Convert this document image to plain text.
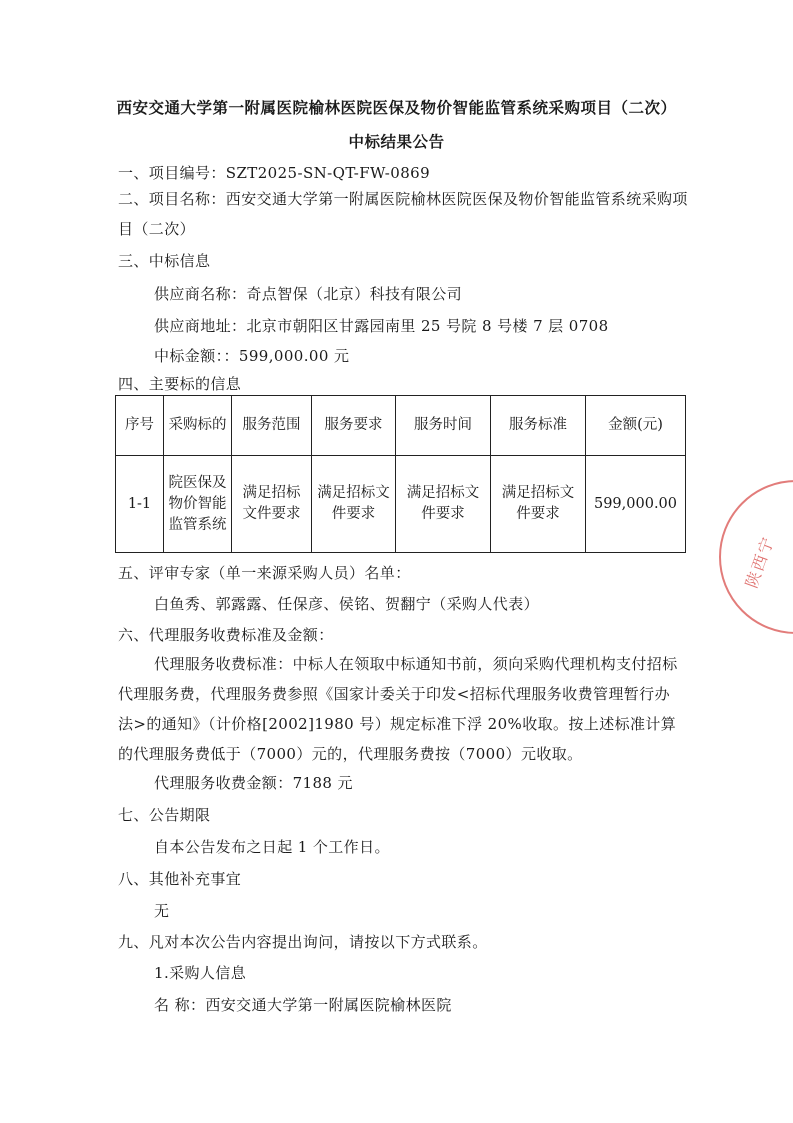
西安交通大学第一附属医院榆林医院医保及物价智能监管系统采购项目（二次）
中标结果公告
一、项目编号：SZT2025-SN-QT-FW-0869
二、项目名称：西安交通大学第一附属医院榆林医院医保及物价智能监管系统采购项目（二次）
三、中标信息
供应商名称：奇点智保（北京）科技有限公司
供应商地址：北京市朝阳区甘露园南里 25 号院 8 号楼 7 层 0708
中标金额：：599,000.00 元
四、主要标的信息
序号	采购标的	服务范围	服务要求	服务时间	服务标准	金额(元)
1-1	院医保及物价智能监管系统	满足招标文件要求	满足招标文件要求	满足招标文件要求	满足招标文件要求	599,000.00
五、评审专家（单一来源采购人员）名单：
白鱼秀、郭露露、任保彦、侯铭、贺翻宁（采购人代表）
六、代理服务收费标准及金额：
代理服务收费标准：中标人在领取中标通知书前，须向采购代理机构支付招标代理服务费，代理服务费参照《国家计委关于印发<招标代理服务收费管理暂行办法>的通知》（计价格[2002]1980 号）规定标准下浮 20%收取。按上述标准计算的代理服务费低于（7000）元的，代理服务费按（7000）元收取。
代理服务收费金额：7188 元
七、公告期限
自本公告发布之日起 1 个工作日。
八、其他补充事宜
无
九、凡对本次公告内容提出询问，请按以下方式联系。
1.采购人信息
名 称：西安交通大学第一附属医院榆林医院
陕西宁
